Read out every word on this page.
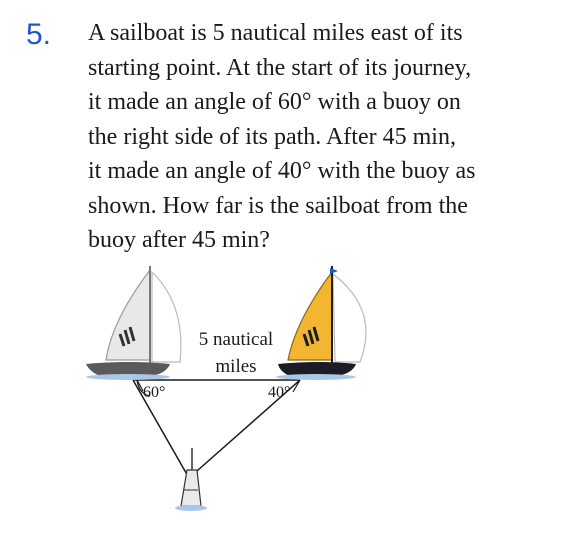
5. A sailboat is 5 nautical miles east of its
starting point. At the start of its journey,
it made an angle of 60° with a buoy on
the right side of its path. After 45 min,
it made an angle of 40° with the buoy as
shown. How far is the sailboat from the
buoy after 45 min?
5 nautical
miles
60°	40°
